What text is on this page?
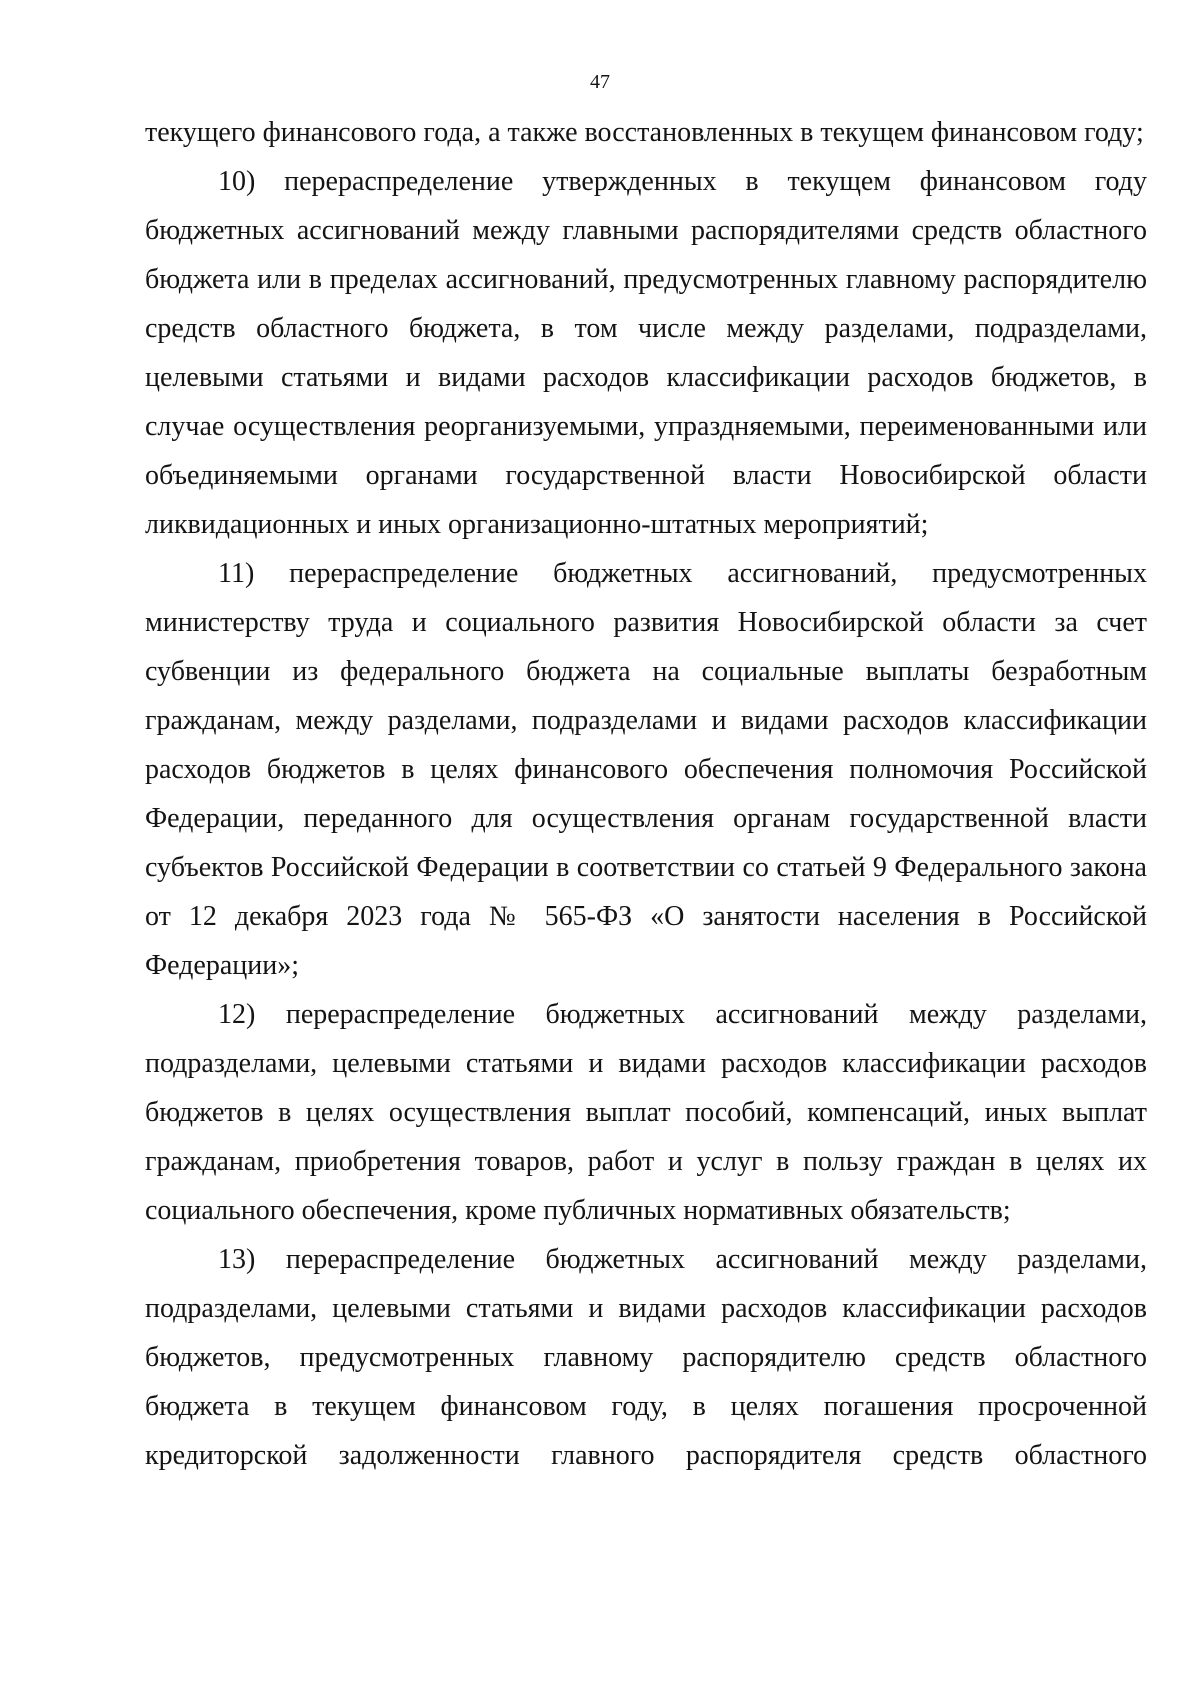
47

текущего финансового года, а также восстановленных в текущем финансовом году;

10) перераспределение утвержденных в текущем финансовом году бюджетных ассигнований между главными распорядителями средств областного бюджета или в пределах ассигнований, предусмотренных главному распорядителю средств областного бюджета, в том числе между разделами, подразделами, целевыми статьями и видами расходов классификации расходов бюджетов, в случае осуществления реорганизуемыми, упраздняемыми, переименованными или объединяемыми органами государственной власти Новосибирской области ликвидационных и иных организационно-штатных мероприятий;

11) перераспределение бюджетных ассигнований, предусмотренных министерству труда и социального развития Новосибирской области за счет субвенции из федерального бюджета на социальные выплаты безработным гражданам, между разделами, подразделами и видами расходов классификации расходов бюджетов в целях финансового обеспечения полномочия Российской Федерации, переданного для осуществления органам государственной власти субъектов Российской Федерации в соответствии со статьей 9 Федерального закона от 12 декабря 2023 года № 565-ФЗ «О занятости населения в Российской Федерации»;

12) перераспределение бюджетных ассигнований между разделами, подразделами, целевыми статьями и видами расходов классификации расходов бюджетов в целях осуществления выплат пособий, компенсаций, иных выплат гражданам, приобретения товаров, работ и услуг в пользу граждан в целях их социального обеспечения, кроме публичных нормативных обязательств;

13) перераспределение бюджетных ассигнований между разделами, подразделами, целевыми статьями и видами расходов классификации расходов бюджетов, предусмотренных главному распорядителю средств областного бюджета в текущем финансовом году, в целях погашения просроченной кредиторской задолженности главного распорядителя средств областного
